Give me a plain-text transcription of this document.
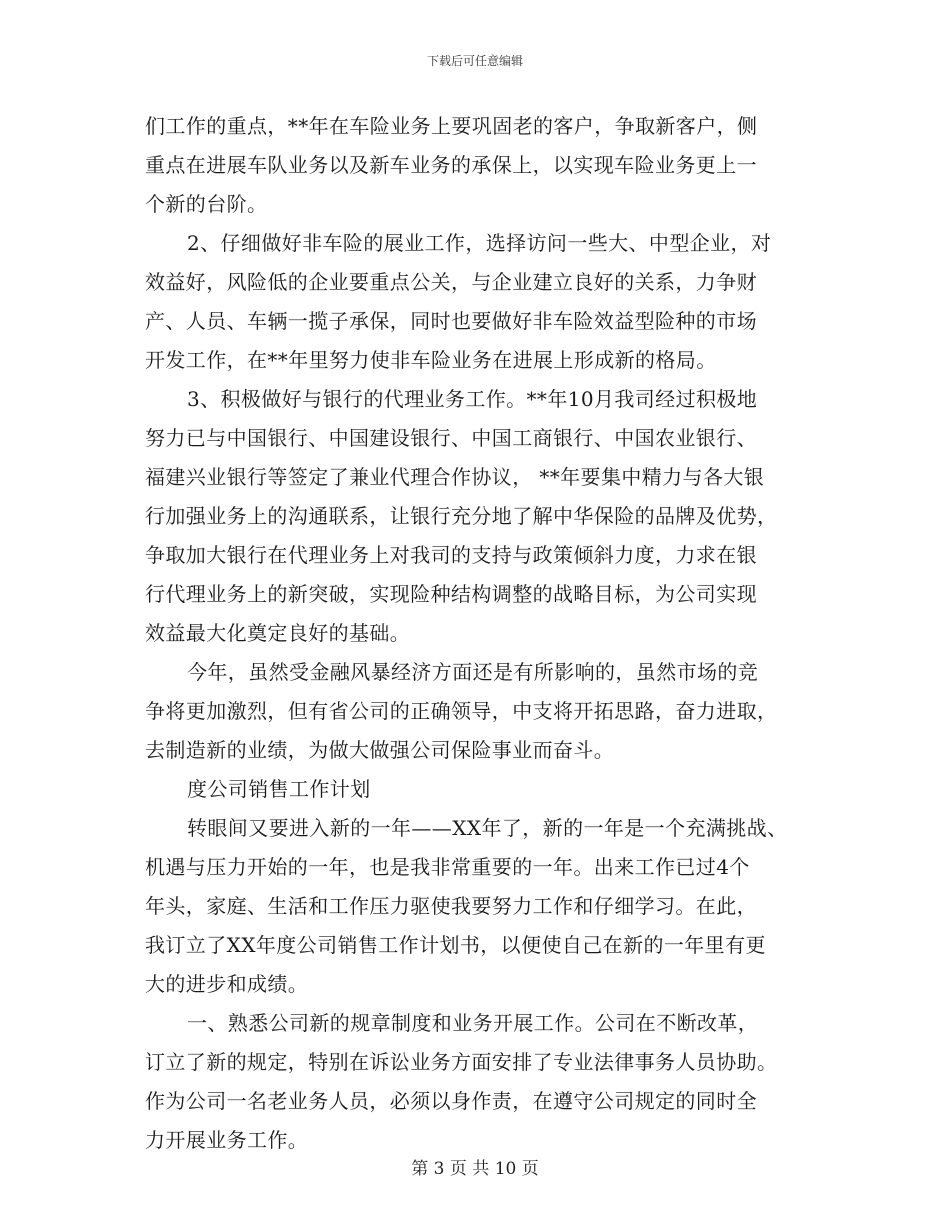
下载后可任意编辑
们工作的重点，**年在车险业务上要巩固老的客户，争取新客户，侧
重点在进展车队业务以及新车业务的承保上，以实现车险业务更上一
个新的台阶。
2、仔细做好非车险的展业工作，选择访问一些大、中型企业，对
效益好，风险低的企业要重点公关，与企业建立良好的关系，力争财
产、人员、车辆一揽子承保，同时也要做好非车险效益型险种的市场
开发工作，在**年里努力使非车险业务在进展上形成新的格局。
3、积极做好与银行的代理业务工作。**年10月我司经过积极地
努力已与中国银行、中国建设银行、中国工商银行、中国农业银行、
福建兴业银行等签定了兼业代理合作协议， **年要集中精力与各大银
行加强业务上的沟通联系，让银行充分地了解中华保险的品牌及优势，
争取加大银行在代理业务上对我司的支持与政策倾斜力度，力求在银
行代理业务上的新突破，实现险种结构调整的战略目标，为公司实现
效益最大化奠定良好的基础。
今年，虽然受金融风暴经济方面还是有所影响的，虽然市场的竞
争将更加激烈，但有省公司的正确领导，中支将开拓思路，奋力进取，
去制造新的业绩，为做大做强公司保险事业而奋斗。
度公司销售工作计划
转眼间又要进入新的一年——XX年了，新的一年是一个充满挑战、
机遇与压力开始的一年，也是我非常重要的一年。出来工作已过4个
年头，家庭、生活和工作压力驱使我要努力工作和仔细学习。在此，
我订立了XX年度公司销售工作计划书，以便使自己在新的一年里有更
大的进步和成绩。
一、熟悉公司新的规章制度和业务开展工作。公司在不断改革，
订立了新的规定，特别在诉讼业务方面安排了专业法律事务人员协助。
作为公司一名老业务人员，必须以身作责，在遵守公司规定的同时全
力开展业务工作。
第 3 页 共 10 页
